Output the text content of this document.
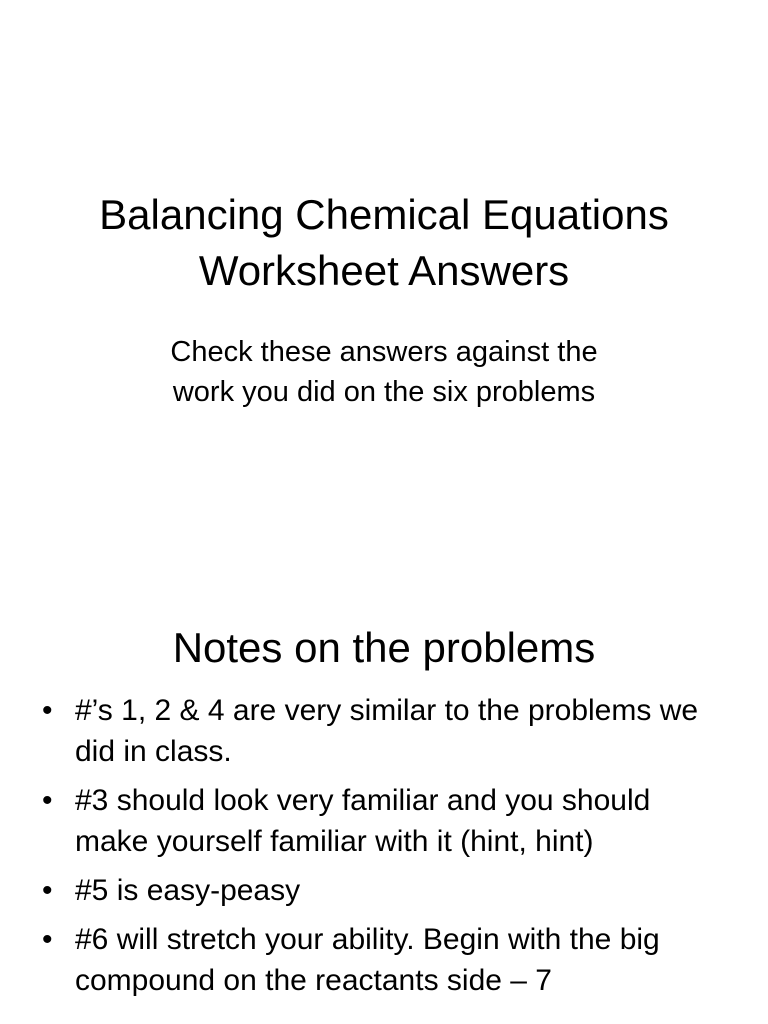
Balancing Chemical Equations
Worksheet Answers

Check these answers against the
work you did on the six problems

Notes on the problems
• #’s 1, 2 & 4 are very similar to the problems we did in class.
• #3 should look very familiar and you should make yourself familiar with it (hint, hint)
• #5 is easy-peasy
• #6 will stretch your ability. Begin with the big compound on the reactants side – 7
